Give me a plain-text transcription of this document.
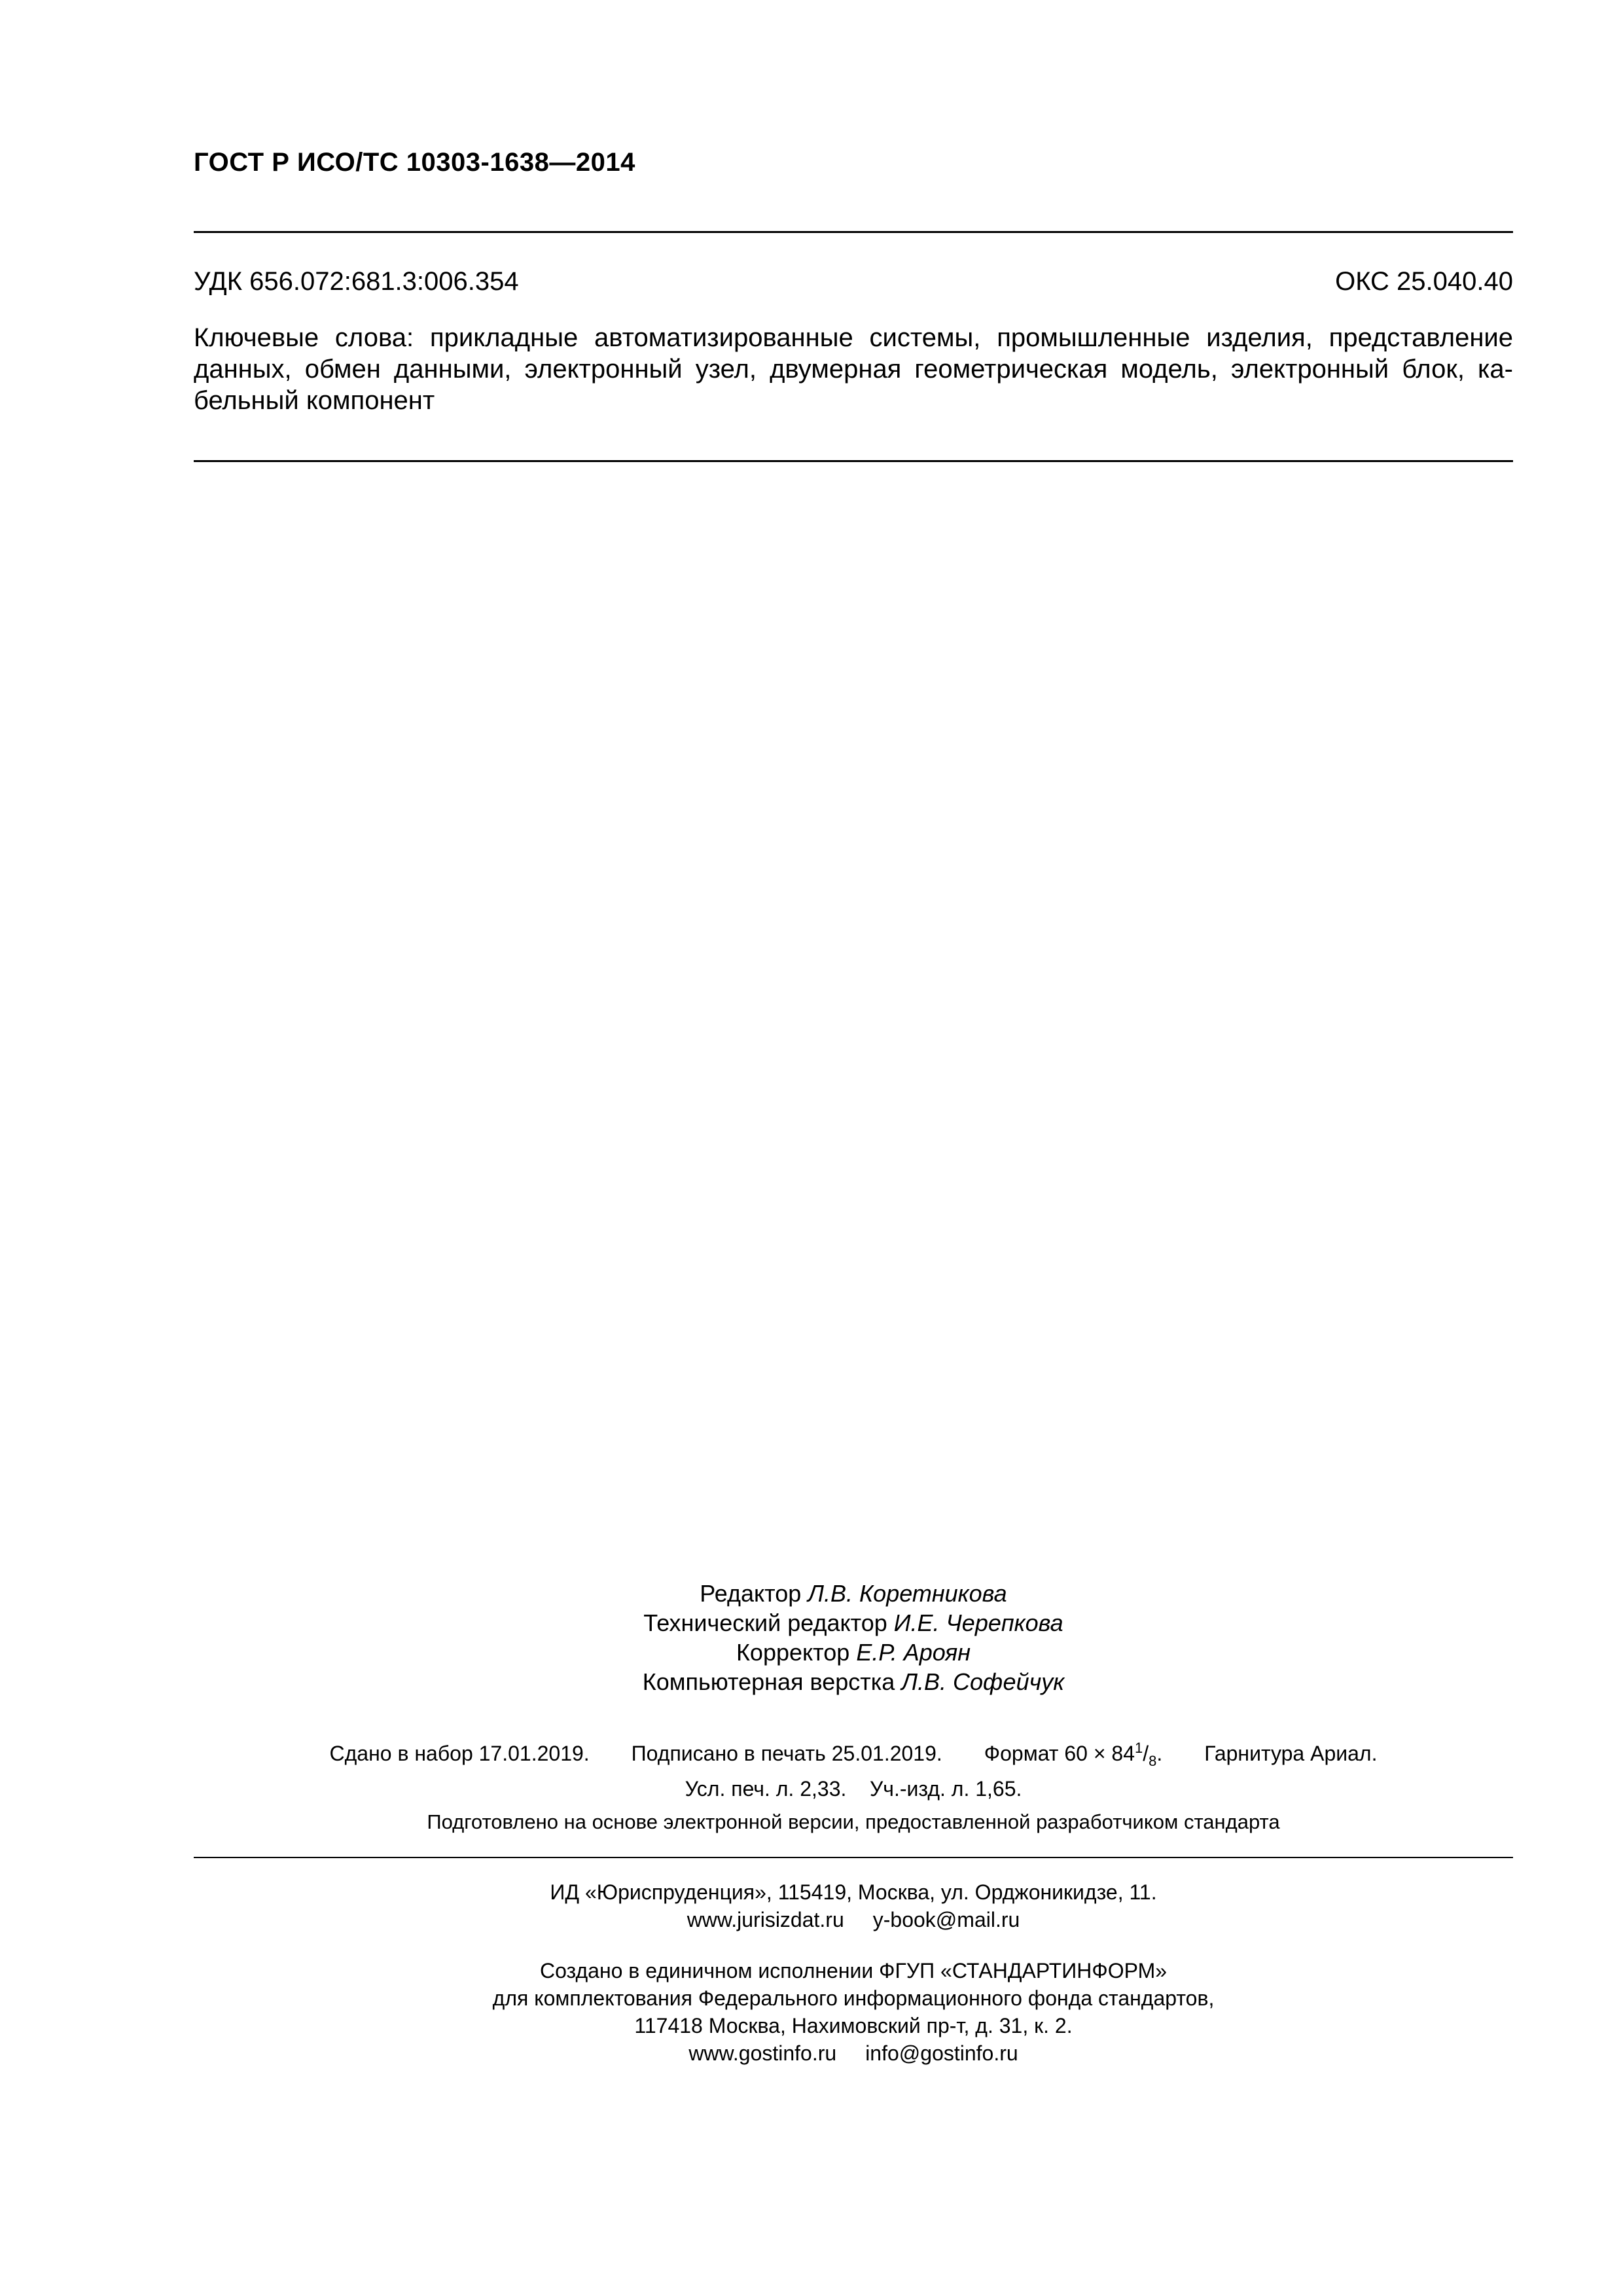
ГОСТ Р ИСО/ТС 10303-1638—2014
УДК 656.072:681.3:006.354	ОКС 25.040.40
Ключевые слова: прикладные автоматизированные системы, промышленные изделия, представление данных, обмен данными, электронный узел, двумерная геометрическая модель, электронный блок, ка-бельный компонент
Редактор Л.В. Коретникова
Технический редактор И.Е. Черепкова
Корректор Е.Р. Ароян
Компьютерная верстка Л.В. Софейчук
Сдано в набор 17.01.2019. Подписано в печать 25.01.2019. Формат $60 \times 84^1/_8$. Гарнитура Ариал.
Усл. печ. л. 2,33. Уч.-изд. л. 1,65.
Подготовлено на основе электронной версии, предоставленной разработчиком стандарта
ИД «Юриспруденция», 115419, Москва, ул. Орджоникидзе, 11.
www.jurisizdat.ru y-book@mail.ru
Создано в единичном исполнении ФГУП «СТАНДАРТИНФОРМ»
для комплектования Федерального информационного фонда стандартов,
117418 Москва, Нахимовский пр-т, д. 31, к. 2.
www.gostinfo.ru info@gostinfo.ru
